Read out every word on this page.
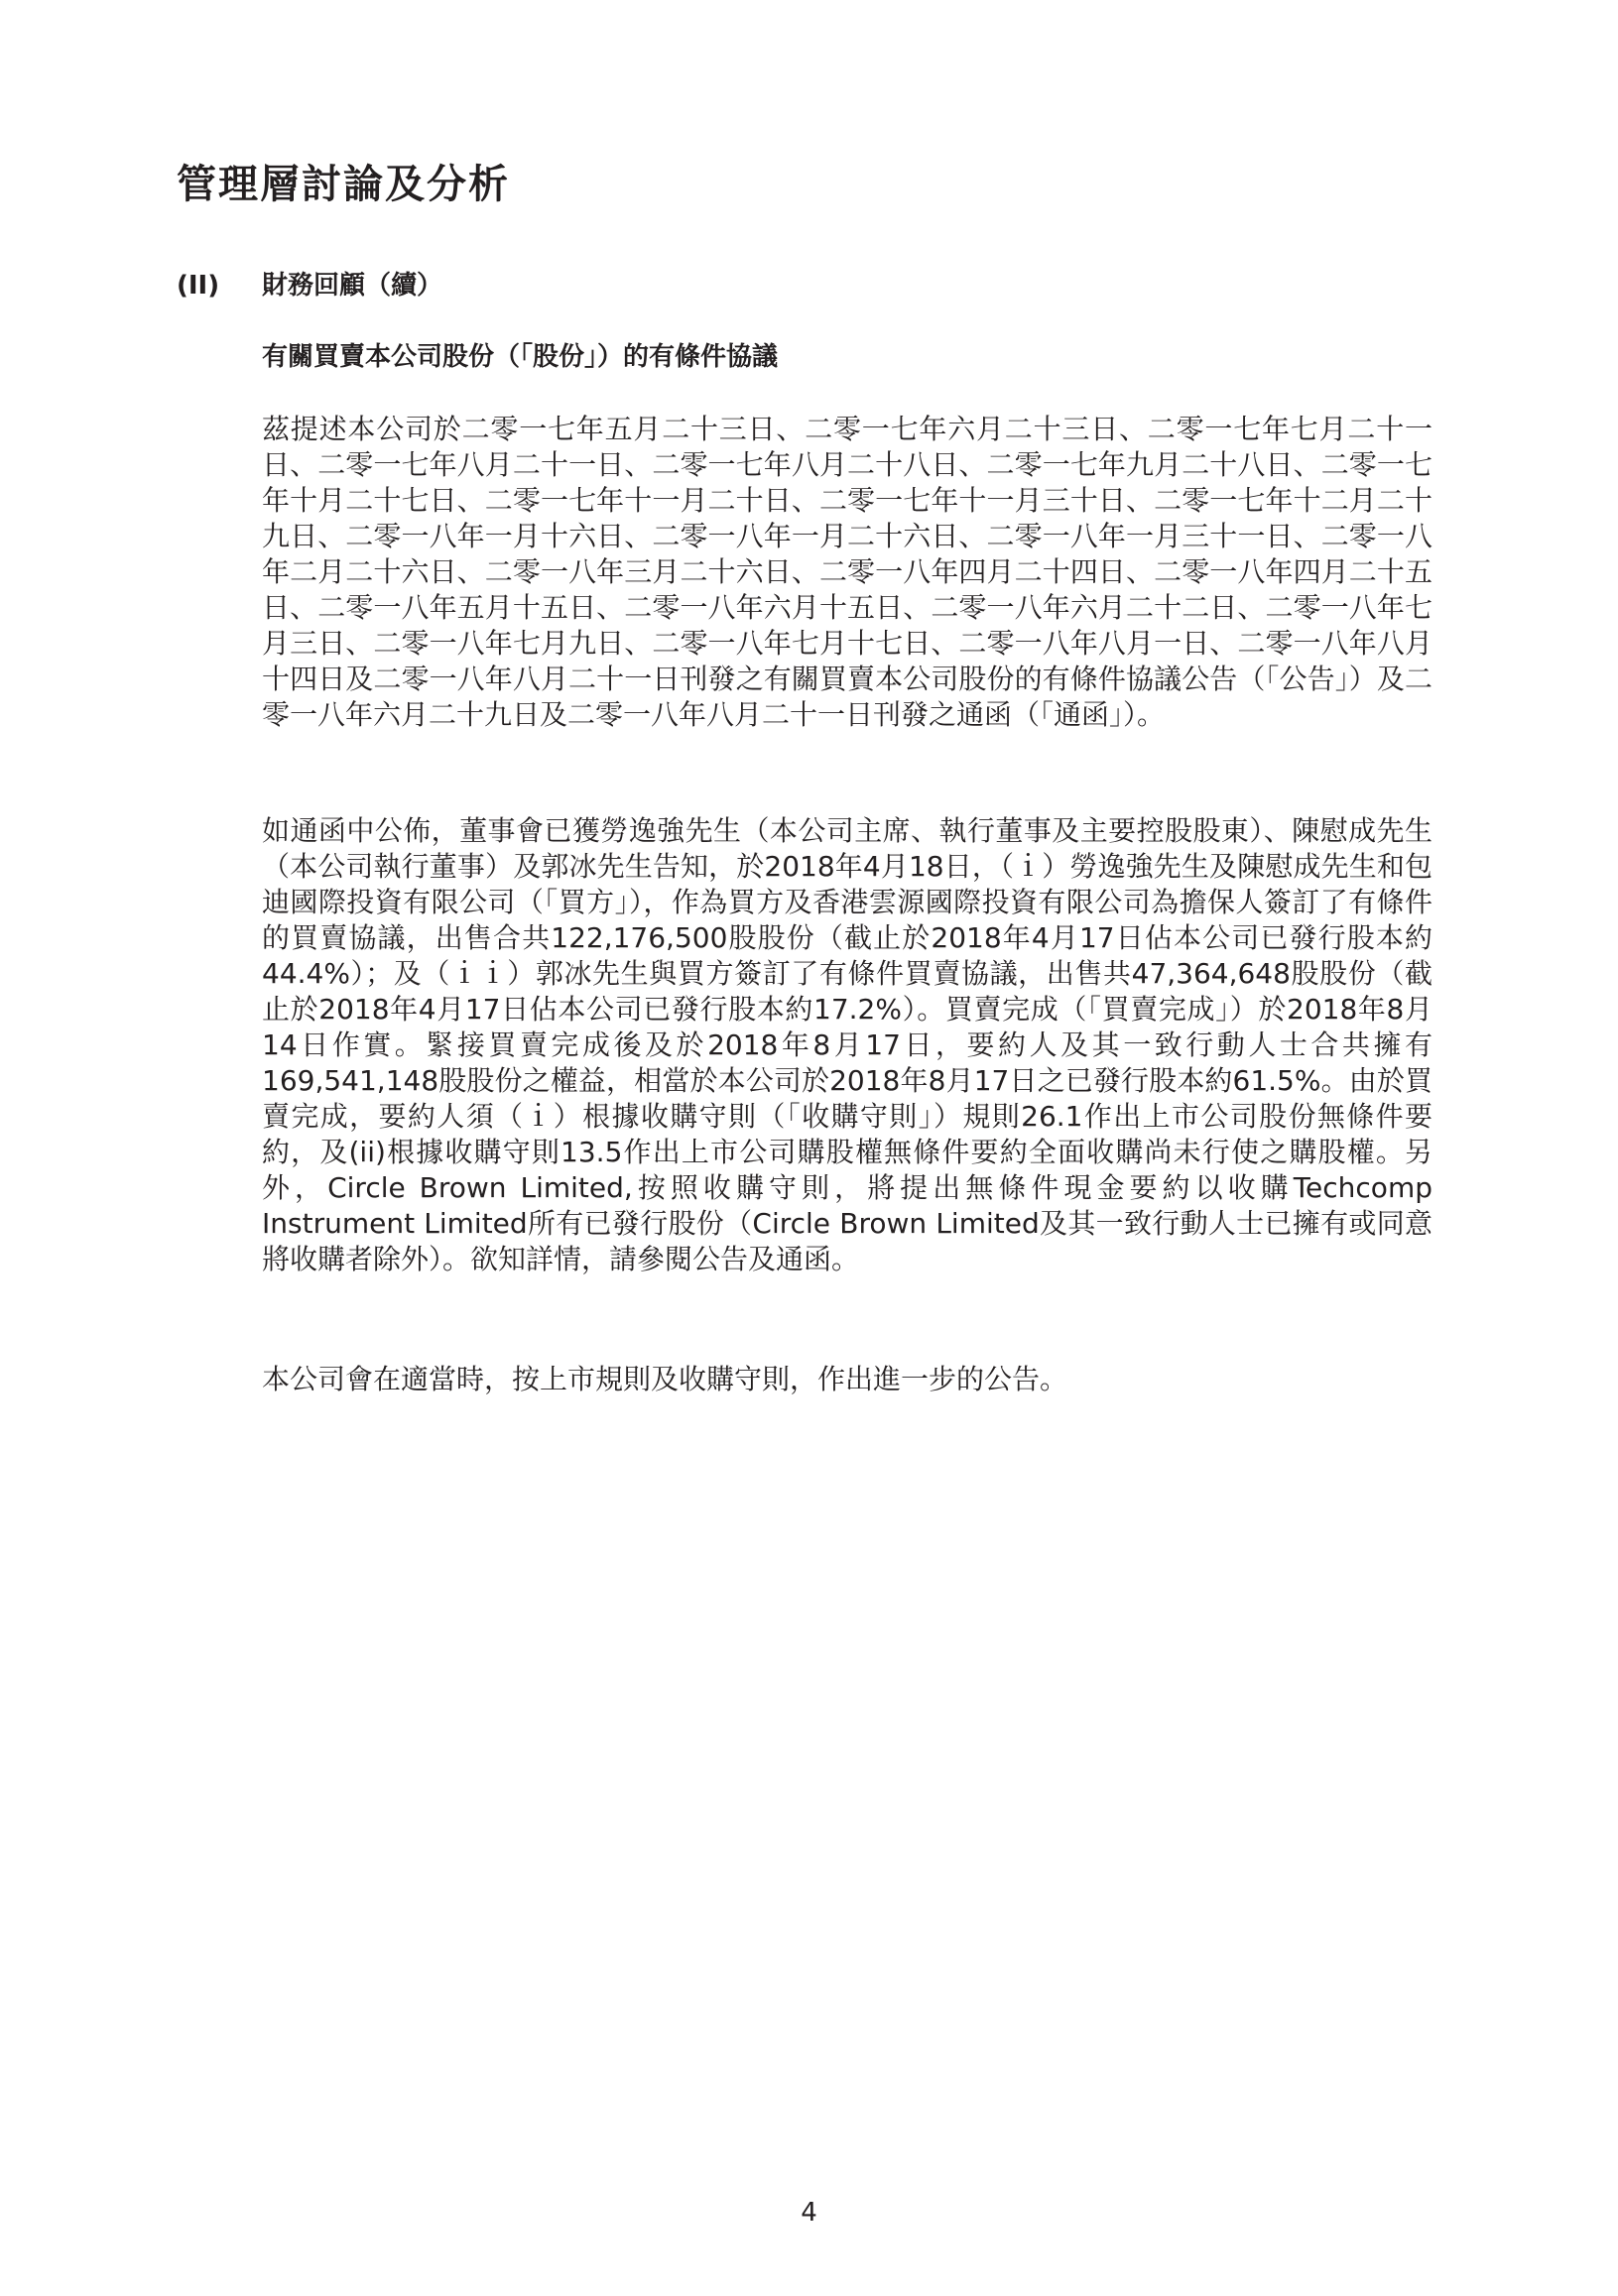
管理層討論及分析
(II) 財務回顧（續）
有關買賣本公司股份（「股份」）的有條件協議

茲提述本公司於二零一七年五月二十三日、二零一七年六月二十三日、二零一七年七月二十一日、二零一七年八月二十一日、二零一七年八月二十八日、二零一七年九月二十八日、二零一七年十月二十七日、二零一七年十一月二十日、二零一七年十一月三十日、二零一七年十二月二十九日、二零一八年一月十六日、二零一八年一月二十六日、二零一八年一月三十一日、二零一八年二月二十六日、二零一八年三月二十六日、二零一八年四月二十四日、二零一八年四月二十五日、二零一八年五月十五日、二零一八年六月十五日、二零一八年六月二十二日、二零一八年七月三日、二零一八年七月九日、二零一八年七月十七日、二零一八年八月一日、二零一八年八月十四日及二零一八年八月二十一日刊發之有關買賣本公司股份的有條件協議公告（「公告」）及二零一八年六月二十九日及二零一八年八月二十一日刊發之通函（「通函」）。

如通函中公佈，董事會已獲勞逸強先生（本公司主席、執行董事及主要控股股東）、陳慰成先生（本公司執行董事）及郭冰先生告知，於2018年4月18日，（ｉ）勞逸強先生及陳慰成先生和包迪國際投資有限公司（「買方」），作為買方及香港雲源國際投資有限公司為擔保人簽訂了有條件的買賣協議，出售合共122,176,500股股份（截止於2018年4月17日佔本公司已發行股本約44.4%）；及（ｉｉ）郭冰先生與買方簽訂了有條件買賣協議，出售共47,364,648股股份（截止於2018年4月17日佔本公司已發行股本約17.2%）。買賣完成（「買賣完成」）於2018年8月14日作實。緊接買賣完成後及於2018年8月17日，要約人及其一致行動人士合共擁有169,541,148股股份之權益，相當於本公司於2018年8月17日之已發行股本約61.5%。由於買賣完成，要約人須（ｉ）根據收購守則（「收購守則」）規則26.1作出上市公司股份無條件要約，及(ii)根據收購守則13.5作出上市公司購股權無條件要約全面收購尚未行使之購股權。另外，Circle Brown Limited,按照收購守則，將提出無條件現金要約以收購Techcomp Instrument Limited所有已發行股份（Circle Brown Limited及其一致行動人士已擁有或同意將收購者除外）。欲知詳情，請參閱公告及通函。

本公司會在適當時，按上市規則及收購守則，作出進一步的公告。

4
